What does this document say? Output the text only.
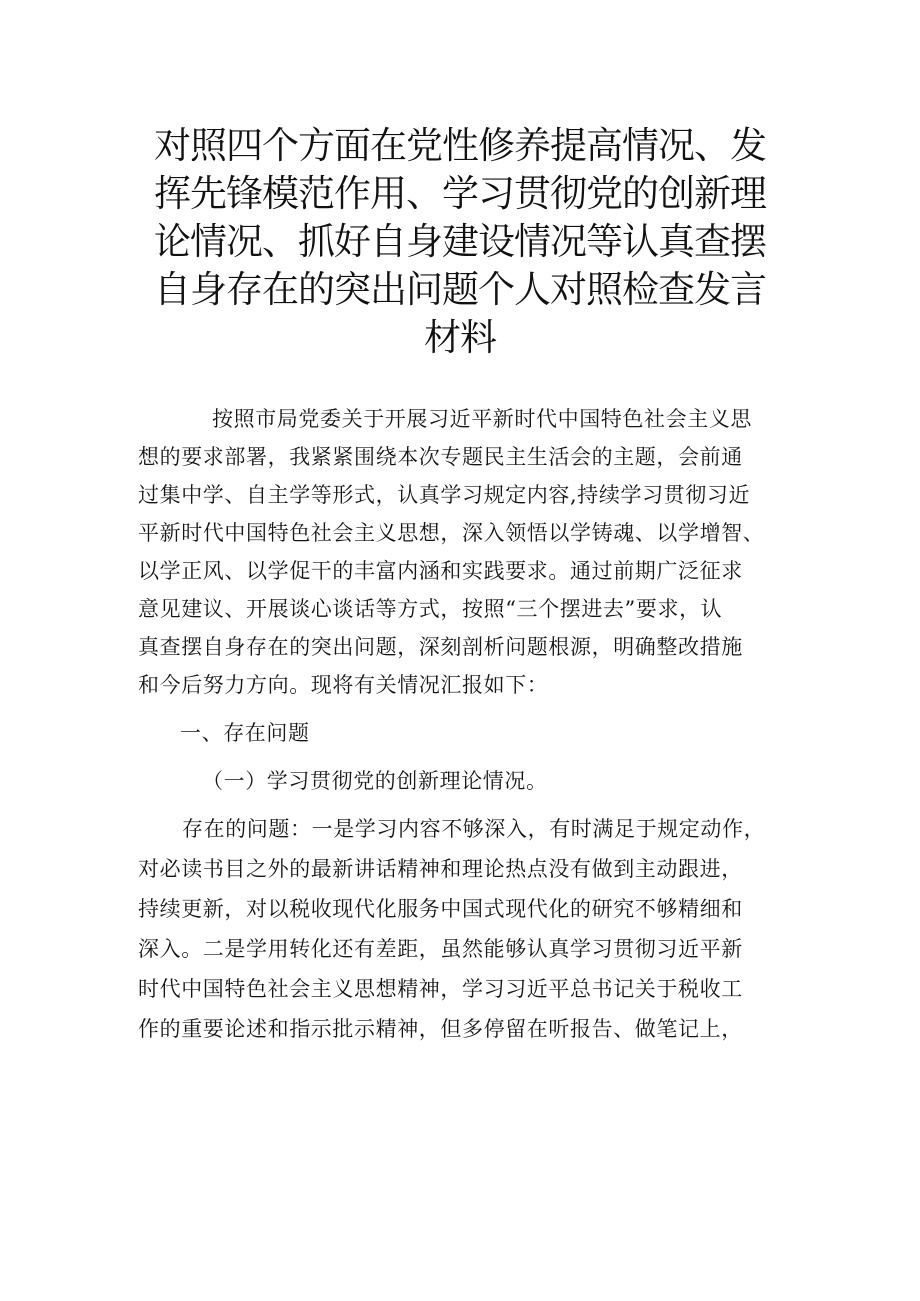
对照四个方面在党性修养提高情况、发
挥先锋模范作用、学习贯彻党的创新理
论情况、抓好自身建设情况等认真查摆
自身存在的突出问题个人对照检查发言
材料
按照市局党委关于开展习近平新时代中国特色社会主义思
想的要求部署，我紧紧围绕本次专题民主生活会的主题，会前通
过集中学、自主学等形式，认真学习规定内容,持续学习贯彻习近
平新时代中国特色社会主义思想，深入领悟以学铸魂、以学增智、
以学正风、以学促干的丰富内涵和实践要求。通过前期广泛征求
意见建议、开展谈心谈话等方式，按照“三个摆进去”要求，认
真查摆自身存在的突出问题，深刻剖析问题根源，明确整改措施
和今后努力方向。现将有关情况汇报如下：
一、存在问题
（一）学习贯彻党的创新理论情况。
存在的问题：一是学习内容不够深入，有时满足于规定动作，
对必读书目之外的最新讲话精神和理论热点没有做到主动跟进，
持续更新，对以税收现代化服务中国式现代化的研究不够精细和
深入。二是学用转化还有差距，虽然能够认真学习贯彻习近平新
时代中国特色社会主义思想精神，学习习近平总书记关于税收工
作的重要论述和指示批示精神，但多停留在听报告、做笔记上，
